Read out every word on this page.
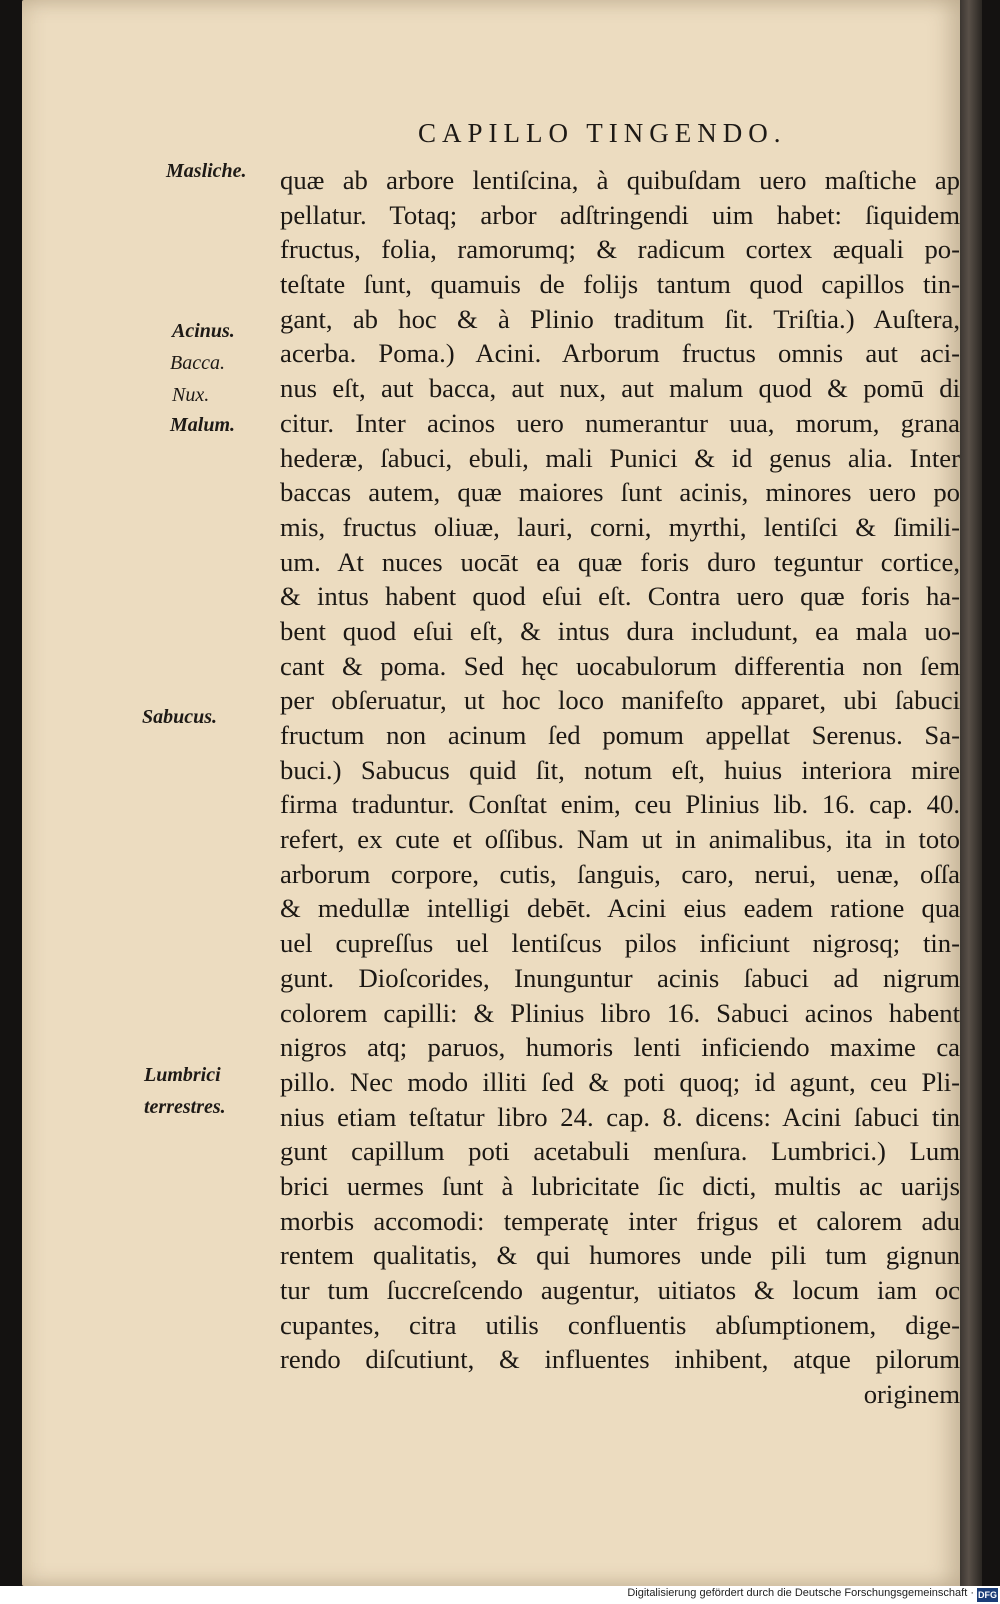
CAPILLO TINGENDO.
Masliche.
Acinus.
Bacca.
Nux.
Malum.
Sabucus.
Lumbrici
terrestres.
quæ ab arbore lentiſcina, à quibuſdam uero maſtiche ap
pellatur. Totaq; arbor adſtringendi uim habet: ſiquidem
fructus, folia, ramorumq; & radicum cortex æquali po-
teſtate ſunt, quamuis de folijs tantum quod capillos tin-
gant, ab hoc & à Plinio traditum ſit. Triſtia.) Auſtera,
acerba. Poma.) Acini. Arborum fructus omnis aut aci-
nus eſt, aut bacca, aut nux, aut malum quod & pomū di
citur. Inter acinos uero numerantur uua, morum, grana
hederæ, ſabuci, ebuli, mali Punici & id genus alia. Inter
baccas autem, quæ maiores ſunt acinis, minores uero po
mis, fructus oliuæ, lauri, corni, myrthi, lentiſci & ſimili-
um. At nuces uocāt ea quæ foris duro teguntur cortice,
& intus habent quod eſui eſt. Contra uero quæ foris ha-
bent quod eſui eſt, & intus dura includunt, ea mala uo-
cant & poma. Sed hęc uocabulorum differentia non ſem
per obſeruatur, ut hoc loco manifeſto apparet, ubi ſabuci
fructum non acinum ſed pomum appellat Serenus. Sa-
buci.) Sabucus quid ſit, notum eſt, huius interiora mire
firma traduntur. Conſtat enim, ceu Plinius lib. 16. cap. 40.
refert, ex cute et oſſibus. Nam ut in animalibus, ita in toto
arborum corpore, cutis, ſanguis, caro, nerui, uenæ, oſſa
& medullæ intelligi debēt. Acini eius eadem ratione qua
uel cupreſſus uel lentiſcus pilos inficiunt nigrosq; tin-
gunt. Dioſcorides, Inunguntur acinis ſabuci ad nigrum
colorem capilli: & Plinius libro 16. Sabuci acinos habent
nigros atq; paruos, humoris lenti inficiendo maxime ca
pillo. Nec modo illiti ſed & poti quoq; id agunt, ceu Pli-
nius etiam teſtatur libro 24. cap. 8. dicens: Acini ſabuci tin
gunt capillum poti acetabuli menſura. Lumbrici.) Lum
brici uermes ſunt à lubricitate ſic dicti, multis ac uarijs
morbis accomodi: temperatę inter frigus et calorem adu
rentem qualitatis, & qui humores unde pili tum gignun
tur tum ſuccreſcendo augentur, uitiatos & locum iam oc
cupantes, citra utilis confluentis abſumptionem, dige-
rendo diſcutiunt, & influentes inhibent, atque pilorum
originem
Digitalisierung gefördert durch die Deutsche Forschungsgemeinschaft · DFG
